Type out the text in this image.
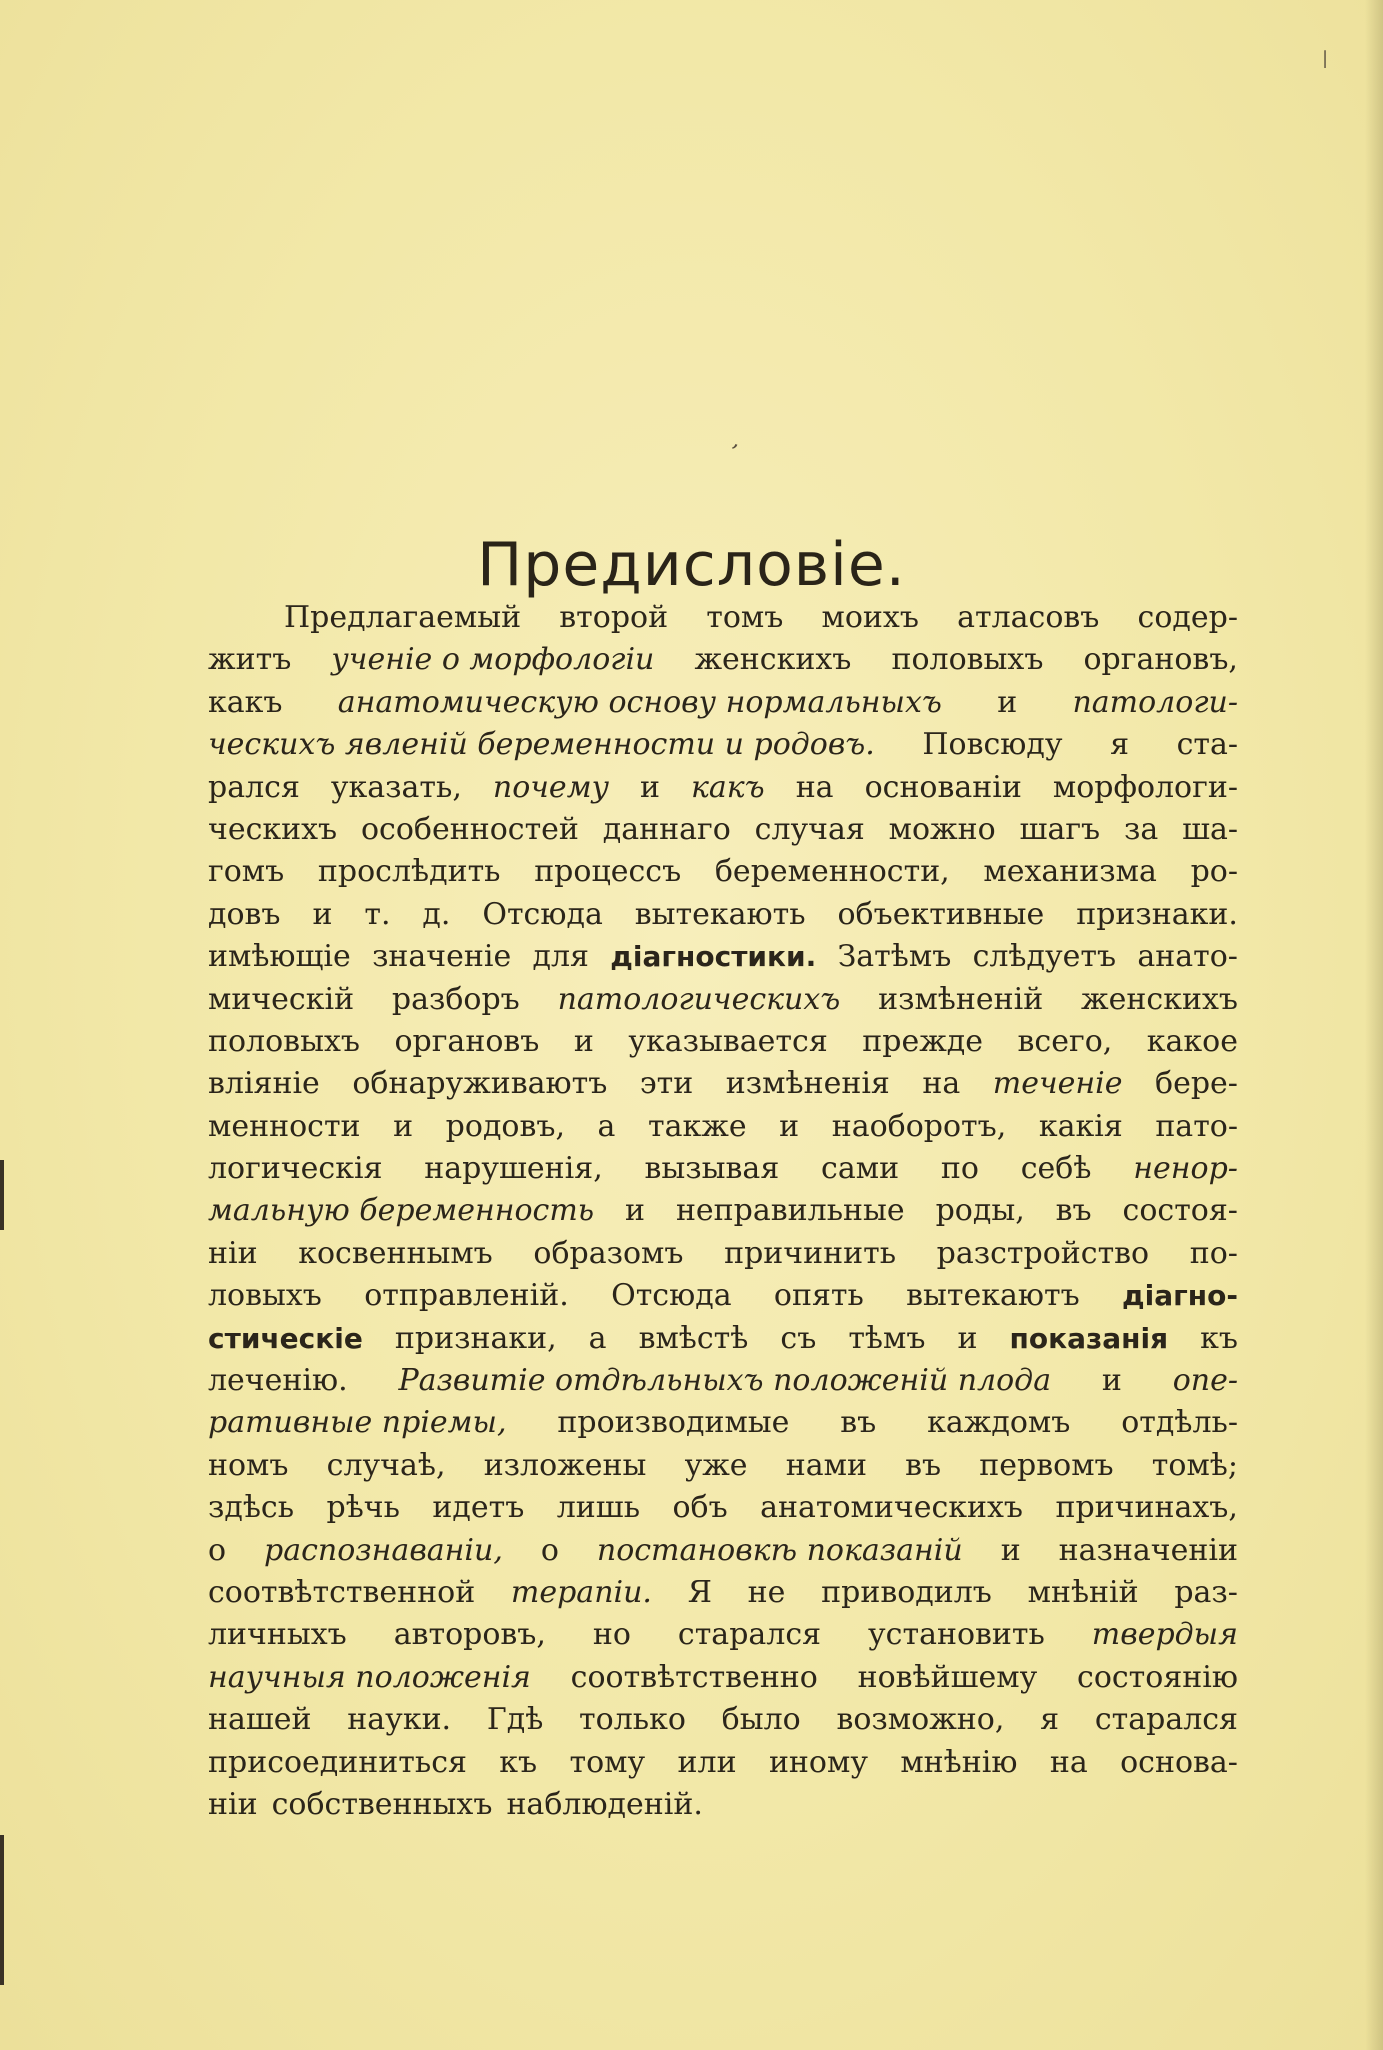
,
|
Предисловіе.
Предлагаемый второй томъ моихъ атласовъ содер-
житъ ученіе о морфологіи женскихъ половыхъ органовъ,
какъ анатомическую основу нормальныхъ и патологи-
ческихъ явленій беременности и родовъ. Повсюду я ста-
рался указать, почему и какъ на основаніи морфологи-
ческихъ особенностей даннаго случая можно шагъ за ша-
гомъ прослѣдить процессъ беременности, механизма ро-
довъ и т. д. Отсюда вытекають объективные признаки.
имѣющіе значеніе для діагностики. Затѣмъ слѣдуетъ анато-
мическій разборъ патологическихъ измѣненій женскихъ
половыхъ органовъ и указывается прежде всего, какое
вліяніе обнаруживаютъ эти измѣненія на теченіе бере-
менности и родовъ, а также и наоборотъ, какія пато-
логическія нарушенія, вызывая сами по себѣ ненор-
мальную беременность и неправильные роды, въ состоя-
ніи косвеннымъ образомъ причинить разстройство по-
ловыхъ отправленій. Отсюда опять вытекаютъ діагно-
стическіе признаки, а вмѣстѣ съ тѣмъ и показанія къ
леченію. Развитіе отдѣльныхъ положеній плода и опе-
ративные пріемы, производимые въ каждомъ отдѣль-
номъ случаѣ, изложены уже нами въ первомъ томѣ;
здѣсь рѣчь идетъ лишь объ анатомическихъ причинахъ,
о распознаваніи, о постановкѣ показаній и назначеніи
соотвѣтственной терапіи. Я не приводилъ мнѣній раз-
личныхъ авторовъ, но старался установить твердыя
научныя положенія соотвѣтственно новѣйшему состоянію
нашей науки. Гдѣ только было возможно, я старался
присоединиться къ тому или иному мнѣнію на основа-
ніи собственныхъ наблюденій.
